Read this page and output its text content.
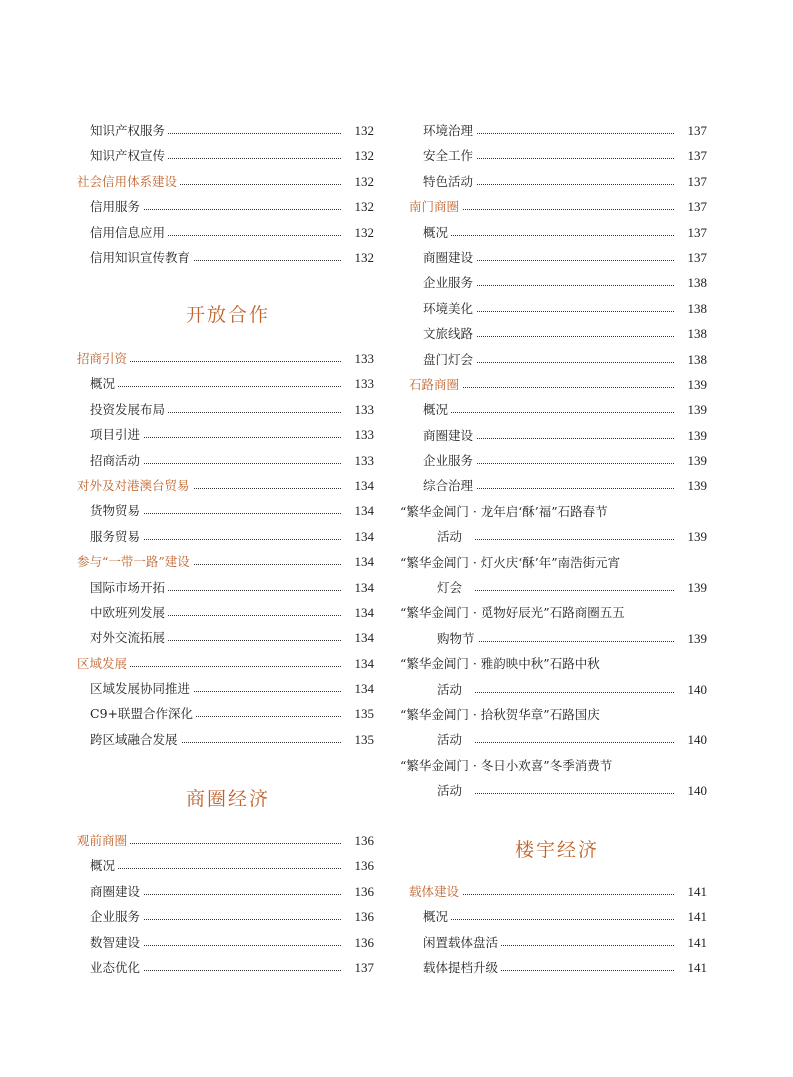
知识产权服务	132
知识产权宣传	132
社会信用体系建设	132
信用服务	132
信用信息应用	132
信用知识宣传教育	132
开放合作
招商引资	133
概况	133
投资发展布局	133
项目引进	133
招商活动	133
对外及对港澳台贸易	134
货物贸易	134
服务贸易	134
参与“一带一路”建设	134
国际市场开拓	134
中欧班列发展	134
对外交流拓展	134
区域发展	134
区域发展协同推进	134
C9+联盟合作深化	135
跨区域融合发展	135
商圈经济
观前商圈	136
概况	136
商圈建设	136
企业服务	136
数智建设	136
业态优化	137
环境治理	137
安全工作	137
特色活动	137
南门商圈	137
概况	137
商圈建设	137
企业服务	138
环境美化	138
文旅线路	138
盘门灯会	138
石路商圈	139
概况	139
商圈建设	139
企业服务	139
综合治理	139
“繁华金阊门 · 龙年启‘酥’福”石路春节
活动	139
“繁华金阊门 · 灯火庆‘酥’年”南浩街元宵
灯会	139
“繁华金阊门 · 觅物好辰光”石路商圈五五
购物节	139
“繁华金阊门 · 雅韵映中秋”石路中秋
活动	140
“繁华金阊门 · 拾秋贺华章”石路国庆
活动	140
“繁华金阊门 · 冬日小欢喜”冬季消费节
活动	140
楼宇经济
载体建设	141
概况	141
闲置载体盘活	141
载体提档升级	141
